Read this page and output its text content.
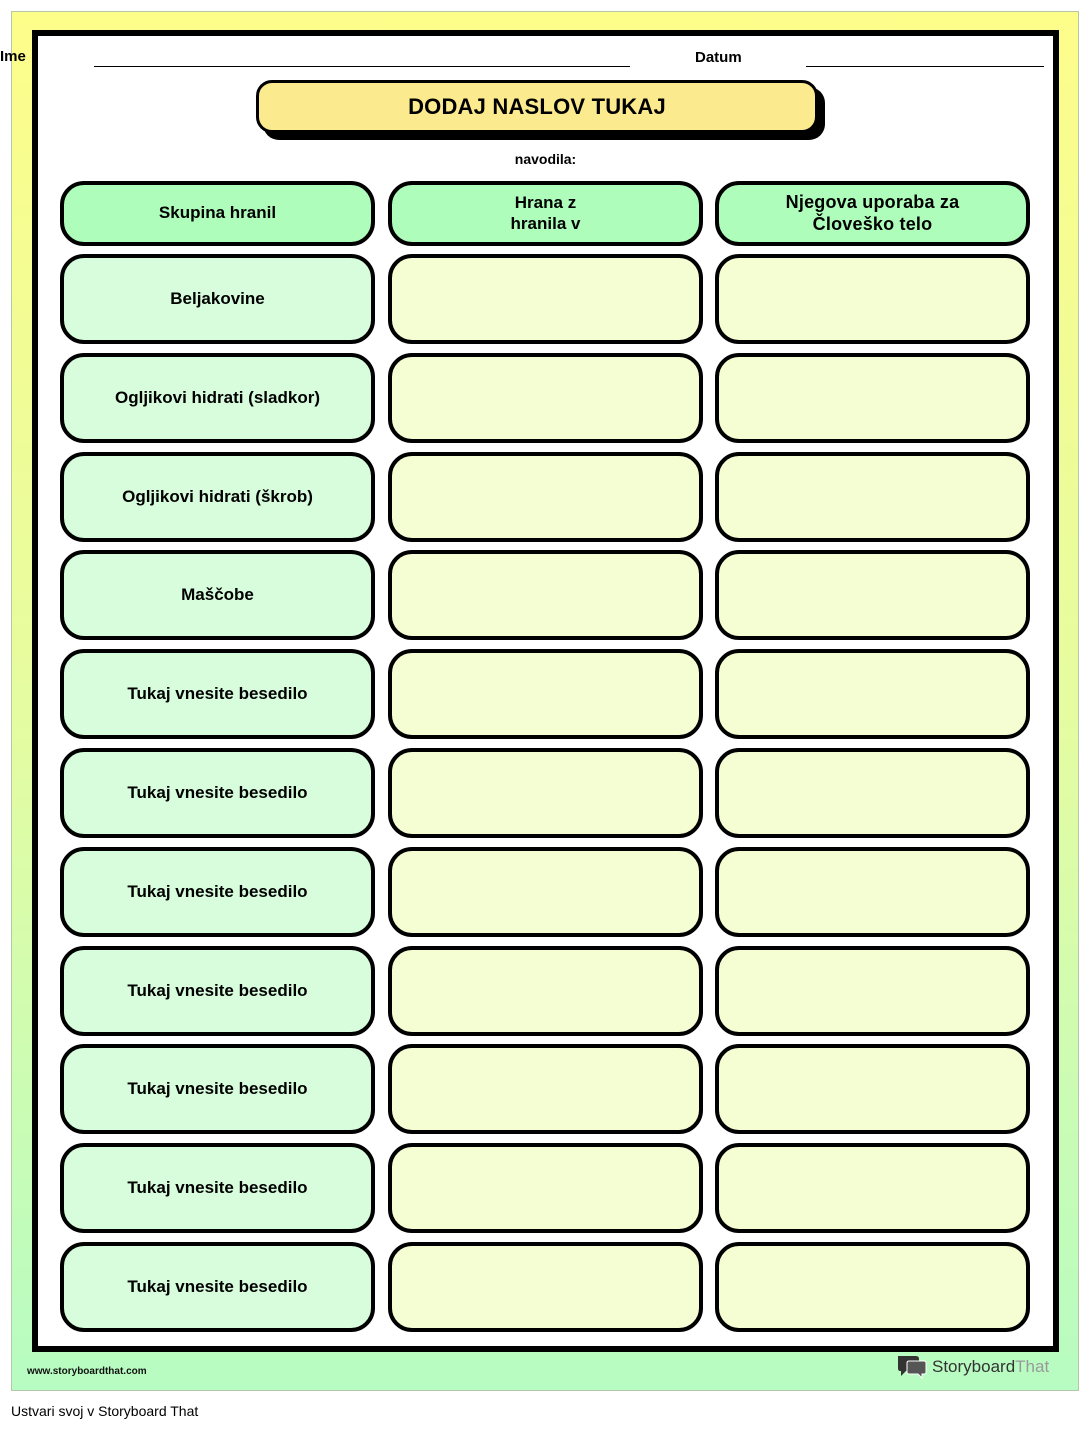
Ime	Datum
DODAJ NASLOV TUKAJ
navodila:
Skupina hranil
Hrana z
hranila v
Njegova uporaba za
Človeško telo
Beljakovine
Ogljikovi hidrati (sladkor)
Ogljikovi hidrati (škrob)
Maščobe
Tukaj vnesite besedilo
Tukaj vnesite besedilo
Tukaj vnesite besedilo
Tukaj vnesite besedilo
Tukaj vnesite besedilo
Tukaj vnesite besedilo
Tukaj vnesite besedilo
www.storyboardthat.com	StoryboardThat
Ustvari svoj v Storyboard That
